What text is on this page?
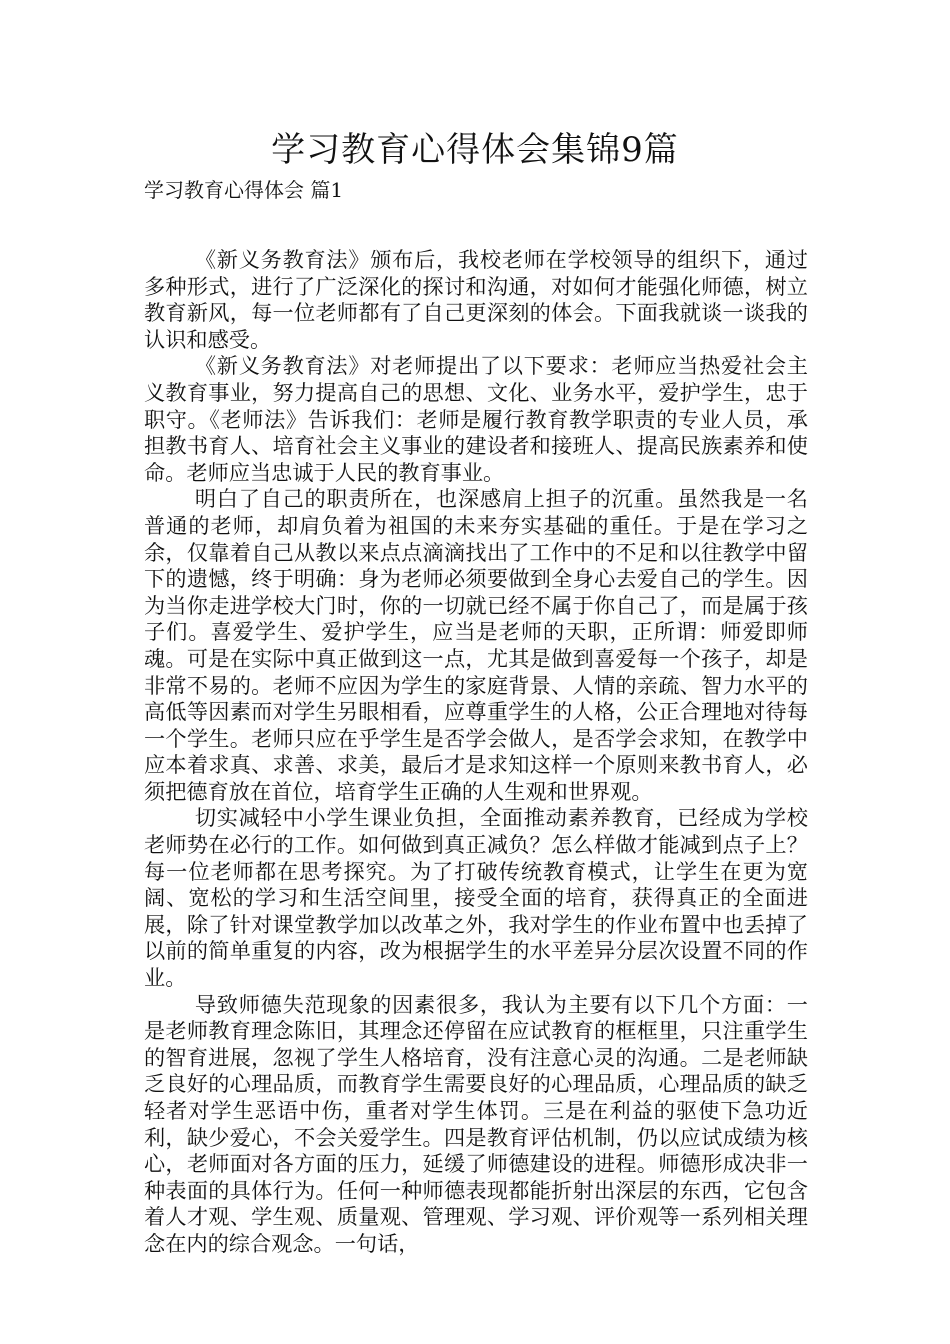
学习教育心得体会集锦9篇
学习教育心得体会 篇1

《新义务教育法》颁布后，我校老师在学校领导的组织下，通过多种形式，进行了广泛深化的探讨和沟通，对如何才能强化师德，树立教育新风，每一位老师都有了自己更深刻的体会。下面我就谈一谈我的认识和感受。

《新义务教育法》对老师提出了以下要求：老师应当热爱社会主义教育事业，努力提高自己的思想、文化、业务水平，爱护学生，忠于职守。《老师法》告诉我们：老师是履行教育教学职责的专业人员，承担教书育人、培育社会主义事业的建设者和接班人、提高民族素养和使命。老师应当忠诚于人民的教育事业。

明白了自己的职责所在，也深感肩上担子的沉重。虽然我是一名普通的老师，却肩负着为祖国的未来夯实基础的重任。于是在学习之余，仅靠着自己从教以来点点滴滴找出了工作中的不足和以往教学中留下的遗憾，终于明确：身为老师必须要做到全身心去爱自己的学生。因为当你走进学校大门时，你的一切就已经不属于你自己了，而是属于孩子们。喜爱学生、爱护学生，应当是老师的天职，正所谓：师爱即师魂。可是在实际中真正做到这一点，尤其是做到喜爱每一个孩子，却是非常不易的。老师不应因为学生的家庭背景、人情的亲疏、智力水平的高低等因素而对学生另眼相看，应尊重学生的人格，公正合理地对待每一个学生。老师只应在乎学生是否学会做人，是否学会求知，在教学中应本着求真、求善、求美，最后才是求知这样一个原则来教书育人，必须把德育放在首位，培育学生正确的人生观和世界观。

切实减轻中小学生课业负担，全面推动素养教育，已经成为学校老师势在必行的工作。如何做到真正减负？怎么样做才能减到点子上？每一位老师都在思考探究。为了打破传统教育模式，让学生在更为宽阔、宽松的学习和生活空间里，接受全面的培育，获得真正的全面进展，除了针对课堂教学加以改革之外，我对学生的作业布置中也丢掉了以前的简单重复的内容，改为根据学生的水平差异分层次设置不同的作业。

导致师德失范现象的因素很多，我认为主要有以下几个方面：一是老师教育理念陈旧，其理念还停留在应试教育的框框里，只注重学生的智育进展，忽视了学生人格培育，没有注意心灵的沟通。二是老师缺乏良好的心理品质，而教育学生需要良好的心理品质，心理品质的缺乏轻者对学生恶语中伤，重者对学生体罚。三是在利益的驱使下急功近利，缺少爱心，不会关爱学生。四是教育评估机制，仍以应试成绩为核心，老师面对各方面的压力，延缓了师德建设的进程。师德形成决非一种表面的具体行为。任何一种师德表现都能折射出深层的东西，它包含着人才观、学生观、质量观、管理观、学习观、评价观等一系列相关理念在内的综合观念。一句话，
